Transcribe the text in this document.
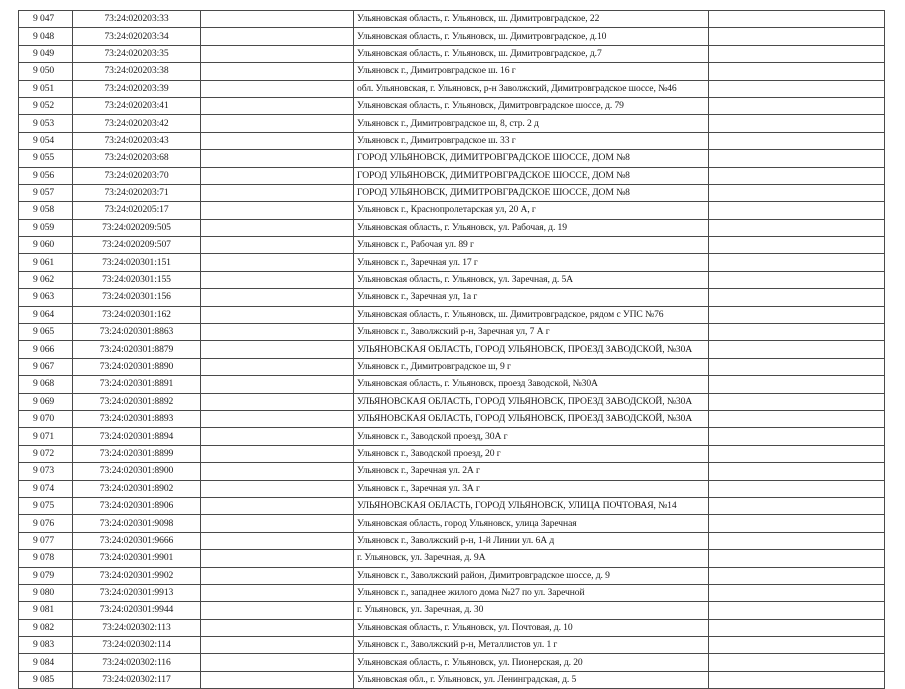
9 047	73:24:020203:33		Ульяновская область, г. Ульяновск, ш. Димитровградское, 22	
9 048	73:24:020203:34		Ульяновская область, г. Ульяновск, ш. Димитровградское, д.10	
9 049	73:24:020203:35		Ульяновская область, г. Ульяновск, ш. Димитровградское, д.7	
9 050	73:24:020203:38		Ульяновск г., Димитровградское ш. 16 г	
9 051	73:24:020203:39		обл. Ульяновская, г. Ульяновск, р-н Заволжский, Димитровградское шоссе, №46	
9 052	73:24:020203:41		Ульяновская область, г. Ульяновск, Димитровградское шоссе, д. 79	
9 053	73:24:020203:42		Ульяновск г., Димитровградское ш, 8, стр. 2 д	
9 054	73:24:020203:43		Ульяновск г., Димитровградское ш. 33 г	
9 055	73:24:020203:68		ГОРОД УЛЬЯНОВСК, ДИМИТРОВГРАДСКОЕ ШОССЕ, ДОМ №8	
9 056	73:24:020203:70		ГОРОД УЛЬЯНОВСК, ДИМИТРОВГРАДСКОЕ ШОССЕ, ДОМ №8	
9 057	73:24:020203:71		ГОРОД УЛЬЯНОВСК, ДИМИТРОВГРАДСКОЕ ШОССЕ, ДОМ №8	
9 058	73:24:020205:17		Ульяновск г., Краснопролетарская ул, 20 А, г	
9 059	73:24:020209:505		Ульяновская область, г. Ульяновск, ул. Рабочая, д. 19	
9 060	73:24:020209:507		Ульяновск г., Рабочая ул. 89 г	
9 061	73:24:020301:151		Ульяновск г., Заречная ул. 17 г	
9 062	73:24:020301:155		Ульяновская область, г. Ульяновск, ул. Заречная, д. 5А	
9 063	73:24:020301:156		Ульяновск г., Заречная ул, 1а г	
9 064	73:24:020301:162		Ульяновская область, г. Ульяновск, ш. Димитровградское, рядом с УПС №76	
9 065	73:24:020301:8863		Ульяновск г., Заволжский р-н, Заречная ул, 7 А г	
9 066	73:24:020301:8879		УЛЬЯНОВСКАЯ ОБЛАСТЬ, ГОРОД УЛЬЯНОВСК, ПРОЕЗД ЗАВОДСКОЙ, №30А	
9 067	73:24:020301:8890		Ульяновск г., Димитровградское ш, 9 г	
9 068	73:24:020301:8891		Ульяновская область, г. Ульяновск, проезд Заводской, №30А	
9 069	73:24:020301:8892		УЛЬЯНОВСКАЯ ОБЛАСТЬ, ГОРОД УЛЬЯНОВСК, ПРОЕЗД ЗАВОДСКОЙ, №30А	
9 070	73:24:020301:8893		УЛЬЯНОВСКАЯ ОБЛАСТЬ, ГОРОД УЛЬЯНОВСК, ПРОЕЗД ЗАВОДСКОЙ, №30А	
9 071	73:24:020301:8894		Ульяновск г., Заводской проезд, 30А г	
9 072	73:24:020301:8899		Ульяновск г., Заводской проезд, 20 г	
9 073	73:24:020301:8900		Ульяновск г., Заречная ул. 2А г	
9 074	73:24:020301:8902		Ульяновск г., Заречная ул. 3А г	
9 075	73:24:020301:8906		УЛЬЯНОВСКАЯ ОБЛАСТЬ, ГОРОД УЛЬЯНОВСК, УЛИЦА ПОЧТОВАЯ, №14	
9 076	73:24:020301:9098		Ульяновская область, город Ульяновск, улица Заречная	
9 077	73:24:020301:9666		Ульяновск г., Заволжский р-н, 1-й Линии ул. 6А д	
9 078	73:24:020301:9901		г. Ульяновск, ул. Заречная, д. 9А	
9 079	73:24:020301:9902		Ульяновск г., Заволжский район, Димитровградское шоссе, д. 9	
9 080	73:24:020301:9913		Ульяновск г., западнее жилого дома №27 по ул. Заречной	
9 081	73:24:020301:9944		г. Ульяновск, ул. Заречная, д. 30	
9 082	73:24:020302:113		Ульяновская область, г. Ульяновск, ул. Почтовая, д. 10	
9 083	73:24:020302:114		Ульяновск г., Заволжский р-н, Металлистов ул. 1 г	
9 084	73:24:020302:116		Ульяновская область, г. Ульяновск, ул. Пионерская, д. 20	
9 085	73:24:020302:117		Ульяновская обл., г. Ульяновск, ул. Ленинградская, д. 5	
